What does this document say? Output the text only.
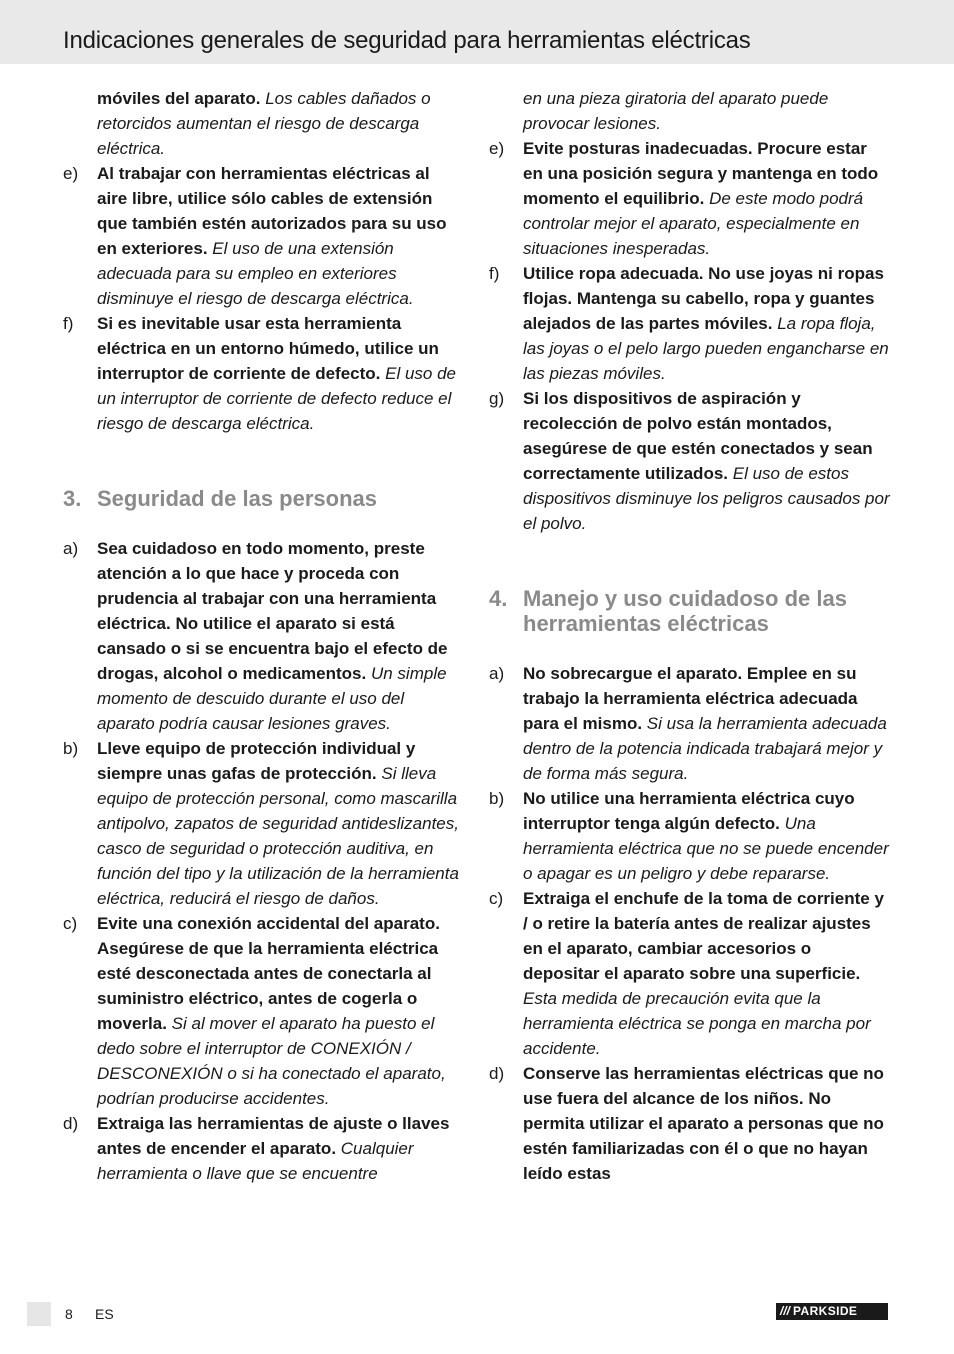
Indicaciones generales de seguridad para herramientas eléctricas
móviles del aparato. Los cables dañados o retorcidos aumentan el riesgo de descarga eléctrica.
e) Al trabajar con herramientas eléctricas al aire libre, utilice sólo cables de extensión que también estén autorizados para su uso en exteriores. El uso de una extensión adecuada para su empleo en exteriores disminuye el riesgo de descarga eléctrica.
f) Si es inevitable usar esta herramienta eléctrica en un entorno húmedo, utilice un interruptor de corriente de defecto. El uso de un interruptor de corriente de defecto reduce el riesgo de descarga eléctrica.
3. Seguridad de las personas
a) Sea cuidadoso en todo momento, preste atención a lo que hace y proceda con prudencia al trabajar con una herramienta eléctrica. No utilice el aparato si está cansado o si se encuentra bajo el efecto de drogas, alcohol o medicamentos. Un simple momento de descuido durante el uso del aparato podría causar lesiones graves.
b) Lleve equipo de protección individual y siempre unas gafas de protección. Si lleva equipo de protección personal, como mascarilla antipolvo, zapatos de seguridad antideslizantes, casco de seguridad o protección auditiva, en función del tipo y la utilización de la herramienta eléctrica, reducirá el riesgo de daños.
c) Evite una conexión accidental del aparato. Asegúrese de que la herramienta eléctrica esté desconectada antes de conectarla al suministro eléctrico, antes de cogerla o moverla. Si al mover el aparato ha puesto el dedo sobre el interruptor de CONEXIÓN / DESCONEXIÓN o si ha conectado el aparato, podrían producirse accidentes.
d) Extraiga las herramientas de ajuste o llaves antes de encender el aparato. Cualquier herramienta o llave que se encuentre
en una pieza giratoria del aparato puede provocar lesiones.
e) Evite posturas inadecuadas. Procure estar en una posición segura y mantenga en todo momento el equilibrio. De este modo podrá controlar mejor el aparato, especialmente en situaciones inesperadas.
f) Utilice ropa adecuada. No use joyas ni ropas flojas. Mantenga su cabello, ropa y guantes alejados de las partes móviles. La ropa floja, las joyas o el pelo largo pueden engancharse en las piezas móviles.
g) Si los dispositivos de aspiración y recolección de polvo están montados, asegúrese de que estén conectados y sean correctamente utilizados. El uso de estos dispositivos disminuye los peligros causados por el polvo.
4. Manejo y uso cuidadoso de las herramientas eléctricas
a) No sobrecargue el aparato. Emplee en su trabajo la herramienta eléctrica adecuada para el mismo. Si usa la herramienta adecuada dentro de la potencia indicada trabajará mejor y de forma más segura.
b) No utilice una herramienta eléctrica cuyo interruptor tenga algún defecto. Una herramienta eléctrica que no se puede encender o apagar es un peligro y debe repararse.
c) Extraiga el enchufe de la toma de corriente y / o retire la batería antes de realizar ajustes en el aparato, cambiar accesorios o depositar el aparato sobre una superficie. Esta medida de precaución evita que la herramienta eléctrica se ponga en marcha por accidente.
d) Conserve las herramientas eléctricas que no use fuera del alcance de los niños. No permita utilizar el aparato a personas que no estén familiarizadas con él o que no hayan leído estas
8 ES	/// PARKSIDE
